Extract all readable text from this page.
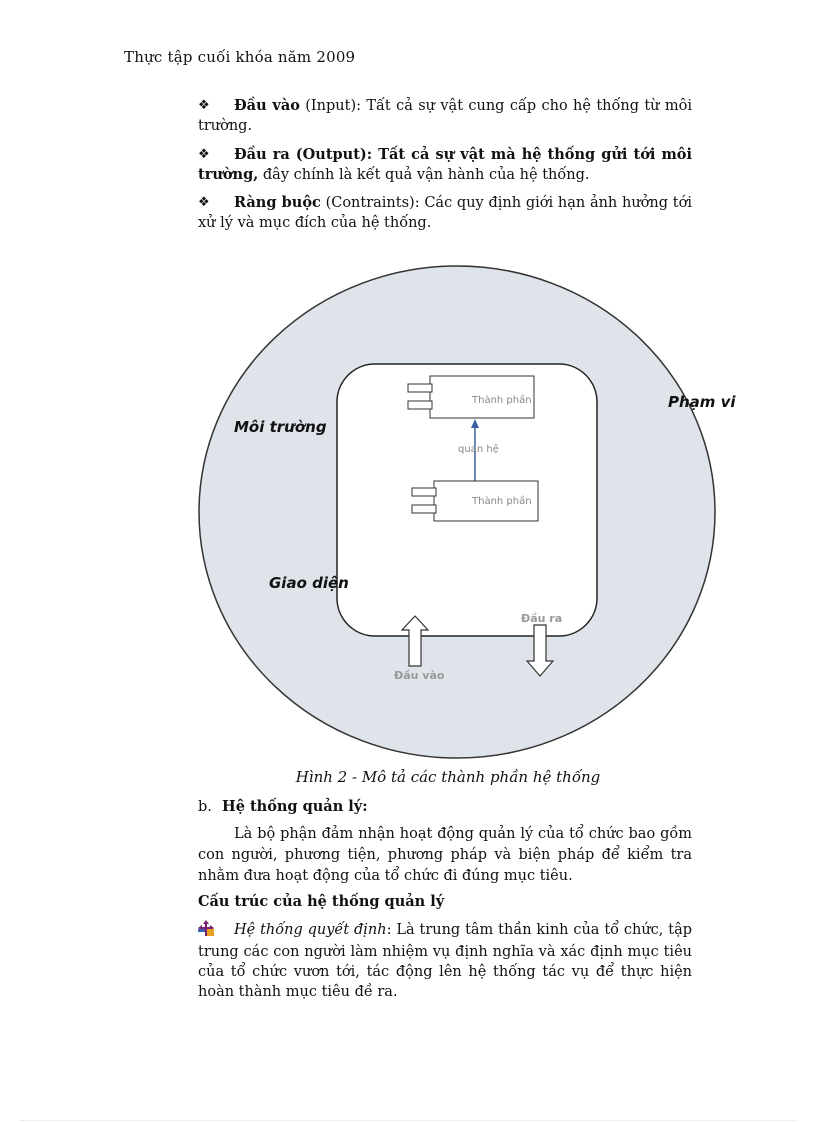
Thực tập cuối khóa năm 2009
❖ Đầu vào (Input): Tất cả sự vật cung cấp cho hệ thống từ môi trường.
❖ Đầu ra (Output): Tất cả sự vật mà hệ thống gửi tới môi trường, đây chính là kết quả vận hành của hệ thống.
❖ Ràng buộc (Contraints): Các quy định giới hạn ảnh hưởng tới xử lý và mục đích của hệ thống.
Thành phần
quan hệ
Thành phần
Môi trường
Phạm vi
Giao diện
Đầu vào
Đầu ra
Hình 2 - Mô tả các thành phần hệ thống
b. Hệ thống quản lý:
Là bộ phận đảm nhận hoạt động quản lý của tổ chức bao gồm con người, phương tiện, phương pháp và biện pháp để kiểm tra nhằm đưa hoạt động của tổ chức đi đúng mục tiêu.
Cấu trúc của hệ thống quản lý
Hệ thống quyết định: Là trung tâm thần kinh của tổ chức, tập trung các con người làm nhiệm vụ định nghĩa và xác định mục tiêu của tổ chức vươn tới, tác động lên hệ thống tác vụ để thực hiện hoàn thành mục tiêu đề ra.
